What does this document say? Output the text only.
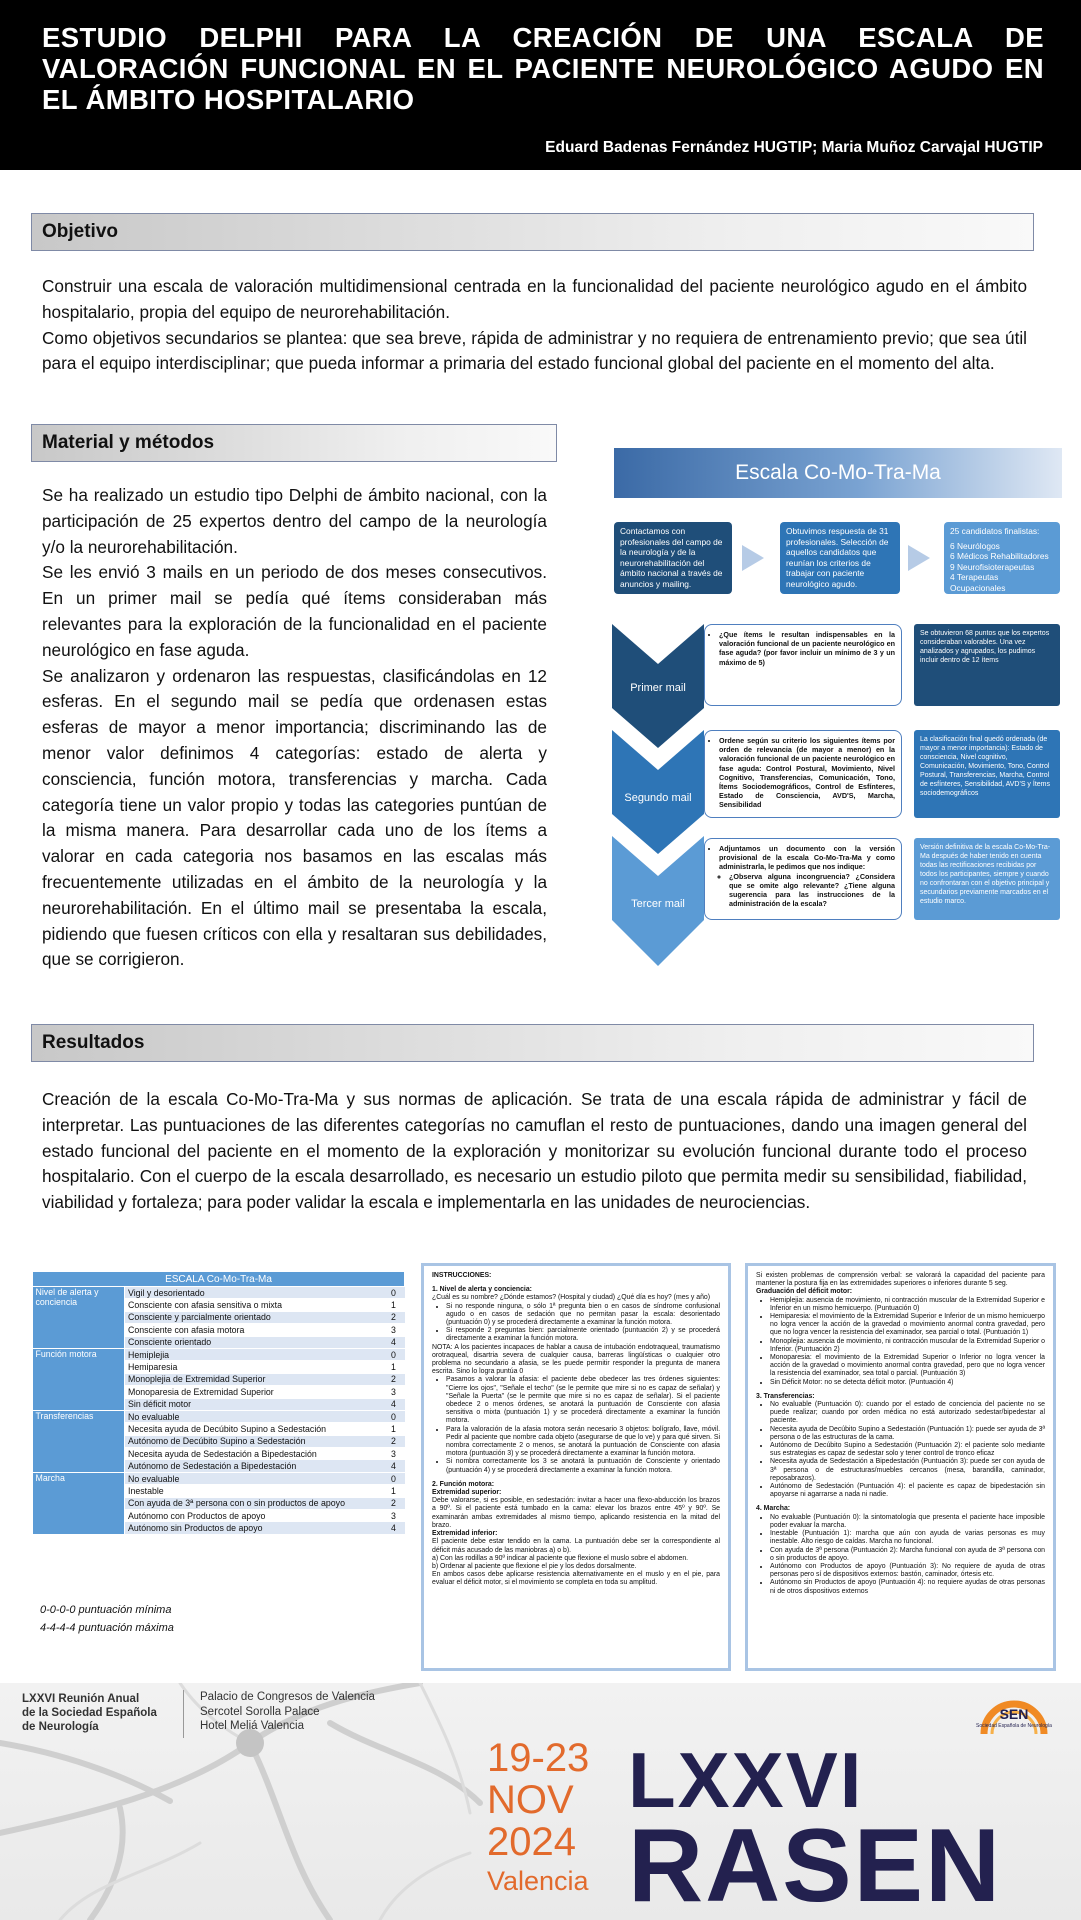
ESTUDIO DELPHI PARA LA CREACIÓN DE UNA ESCALA DE VALORACIÓN FUNCIONAL EN EL PACIENTE NEUROLÓGICO AGUDO EN EL ÁMBITO HOSPITALARIO
Eduard Badenas Fernández HUGTIP; Maria Muñoz Carvajal HUGTIP
Objetivo

Construir una escala de valoración multidimensional centrada en la funcionalidad del paciente neurológico agudo en el ámbito hospitalario, propia del equipo de neurorehabilitación.

Como objetivos secundarios se plantea: que sea breve, rápida de administrar y no requiera de entrenamiento previo; que sea útil para el equipo interdisciplinar; que pueda informar a primaria del estado funcional global del paciente en el momento del alta.

Material y métodos

Se ha realizado un estudio tipo Delphi de ámbito nacional, con la participación de 25 expertos dentro del campo de la neurología y/o la neurorehabilitación.

Se les envió 3 mails en un periodo de dos meses consecutivos. En un primer mail se pedía qué ítems consideraban más relevantes para la exploración de la funcionalidad en el paciente neurológico en fase aguda.

Se analizaron y ordenaron las respuestas, clasificándolas en 12 esferas. En el segundo mail se pedía que ordenasen estas esferas de mayor a menor importancia; discriminando las de menor valor definimos 4 categorías: estado de alerta y consciencia, función motora, transferencias y marcha. Cada categoría tiene un valor propio y todas las categories puntúan de la misma manera. Para desarrollar cada uno de los ítems a valorar en cada categoria nos basamos en las escalas más frecuentemente utilizadas en el ámbito de la neurología y la neurorehabilitación. En el último mail se presentaba la escala, pidiendo que fuesen críticos con ella y resaltaran sus debilidades, que se corrigieron.

Escala Co-Mo-Tra-Ma
Contactamos con profesionales del campo de la neurología y de la neurorehabilitación del ámbito nacional a través de anuncios y mailing.
Obtuvimos respuesta de 31 profesionales. Selección de aquellos candidatos que reunían los criterios de trabajar con paciente neurológico agudo.
25 candidatos finalistas:
6 Neurólogos
6 Médicos Rehabilitadores
9 Neurofisioterapeutas
4 Terapeutas Ocupacionales
Primer mail
• ¿Que ítems le resultan indispensables en la valoración funcional de un paciente neurológico en fase aguda? (por favor incluir un mínimo de 3 y un máximo de 5)
Se obtuvieron 68 puntos que los expertos consideraban valorables. Una vez analizados y agrupados, los pudimos incluir dentro de 12 ítems
Segundo mail
• Ordene según su criterio los siguientes ítems por orden de relevancia (de mayor a menor) en la valoración funcional de un paciente neurológico en fase aguda: Control Postural, Movimiento, Nivel Cognitivo, Transferencias, Comunicación, Tono, Ítems Sociodemográficos, Control de Esfínteres, Estado de Consciencia, AVD'S, Marcha, Sensibilidad
La clasificación final quedó ordenada (de mayor a menor importancia): Estado de consciencia, Nivel cognitivo, Comunicación, Movimiento, Tono, Control Postural, Transferencias, Marcha, Control de esfínteres, Sensibilidad, AVD'S y Ítems sociodemográficos
Tercer mail
• Adjuntamos un documento con la versión provisional de la escala Co-Mo-Tra-Ma y como administrarla, le pedimos que nos indique:
◦ ¿Observa alguna incongruencia? ¿Considera que se omite algo relevante? ¿Tiene alguna sugerencia para las instrucciones de la administración de la escala?
Versión definitiva de la escala Co-Mo-Tra-Ma después de haber tenido en cuenta todas las rectificaciones recibidas por todos los participantes, siempre y cuando no confrontaran con el objetivo principal y secundarios previamente marcados en el estudio marco.
Resultados

Creación de la escala Co-Mo-Tra-Ma y sus normas de aplicación. Se trata de una escala rápida de administrar y fácil de interpretar. Las puntuaciones de las diferentes categorías no camuflan el resto de puntuaciones, dando una imagen general del estado funcional del paciente en el momento de la exploración y monitorizar su evolución funcional durante todo el proceso hospitalario. Con el cuerpo de la escala desarrollado, es necesario un estudio piloto que permita medir su sensibilidad, fiabilidad, viabilidad y fortaleza; para poder validar la escala e implementarla en las unidades de neurociencias.

ESCALA Co-Mo-Tra-Ma		
Nivel de alerta y conciencia	Vigil y desorientado	0
	Consciente con afasia sensitiva o mixta	1
	Consciente y parcialmente orientado	2
	Consciente con afasia motora	3
	Consciente orientado	4
Función motora	Hemiplejia	0
	Hemiparesia	1
	Monoplejia de Extremidad Superior	2
	Monoparesia de Extremidad Superior	3
	Sin déficit motor	4
Transferencias	No evaluable	0
	Necesita ayuda de Decúbito Supino a Sedestación	1
	Autónomo de Decúbito Supino a Sedestación	2
	Necesita ayuda de Sedestación a Bipedestación	3
	Autónomo de Sedestación a Bipedestación	4
Marcha	No evaluable	0
	Inestable	1
	Con ayuda de 3ª persona con o sin productos de apoyo	2
	Autónomo con Productos de apoyo	3
	Autónomo sin Productos de apoyo	4
0-0-0-0 puntuación mínima
4-4-4-4 puntuación máxima

INSTRUCCIONES:

1. Nivel de alerta y conciencia:

¿Cuál es su nombre? ¿Dónde estamos? (Hospital y ciudad) ¿Qué día es hoy? (mes y año)

• Si no responde ninguna, o sólo 1ª pregunta bien o en casos de síndrome confusional agudo o en casos de sedación que no permitan pasar la escala: desorientado (puntuación 0) y se procederá directamente a examinar la función motora.
• Si responde 2 preguntas bien: parcialmente orientado (puntuación 2) y se procederá directamente a examinar la función motora.

NOTA: A los pacientes incapaces de hablar a causa de intubación endotraqueal, traumatismo orotraqueal, disartria severa de cualquier causa, barreras lingüísticas o cualquier otro problema no secundario a afasia, se les puede permitir responder la pregunta de manera escrita. Sino lo logra puntúa 0

• Pasamos a valorar la afasia: el paciente debe obedecer las tres órdenes siguientes: "Cierre los ojos", "Señale el techo" (se le permite que mire si no es capaz de señalar) y "Señale la Puerta" (se le permite que mire si no es capaz de señalar). Si el paciente obedece 2 o menos órdenes, se anotará la puntuación de Consciente con afasia sensitiva o mixta (puntuación 1) y se procederá directamente a examinar la función motora.
• Para la valoración de la afasia motora serán necesario 3 objetos: bolígrafo, llave, móvil. Pedir al paciente que nombre cada objeto (asegurarse de que lo ve) y para qué sirven. Si nombra correctamente 2 o menos, se anotará la puntuación de Consciente con afasia motora (puntuación 3) y se procederá directamente a examinar la función motora.
• Si nombra correctamente los 3 se anotará la puntuación de Consciente y orientado (puntuación 4) y se procederá directamente a examinar la función motora.

2. Función motora:

Extremidad superior:

Debe valorarse, si es posible, en sedestación: invitar a hacer una flexo-abducción los brazos a 90º. Si el paciente está tumbado en la cama: elevar los brazos entre 45º y 90º. Se examinarán ambas extremidades al mismo tiempo, aplicando resistencia en la mitad del brazo.

Extremidad inferior:

El paciente debe estar tendido en la cama. La puntuación debe ser la correspondiente al déficit más acusado de las maniobras a) o b).

a) Con las rodillas a 90º indicar al paciente que flexione el muslo sobre el abdomen.

b) Ordenar al paciente que flexione el pie y los dedos dorsalmente.

En ambos casos debe aplicarse resistencia alternativamente en el muslo y en el pie, para evaluar el déficit motor, si el movimiento se completa en toda su amplitud.

Si existen problemas de comprensión verbal: se valorará la capacidad del paciente para mantener la postura fija en las extremidades superiores o inferiores durante 5 seg.

Graduación del déficit motor:

• Hemiplejia: ausencia de movimiento, ni contracción muscular de la Extremidad Superior e Inferior en un mismo hemicuerpo. (Puntuación 0)
• Hemiparesia: el movimiento de la Extremidad Superior e Inferior de un mismo hemicuerpo no logra vencer la acción de la gravedad o movimiento anormal contra gravedad, pero que no logra vencer la resistencia del examinador, sea parcial o total. (Puntuación 1)
• Monoplejia: ausencia de movimiento, ni contracción muscular de la Extremidad Superior o Inferior. (Puntuación 2)
• Monoparesia: el movimiento de la Extremidad Superior o Inferior no logra vencer la acción de la gravedad o movimiento anormal contra gravedad, pero que no logra vencer la resistencia del examinador, sea total o parcial. (Puntuación 3)
• Sin Déficit Motor: no se detecta déficit motor. (Puntuación 4)

3. Transferencias:

• No evaluable (Puntuación 0): cuando por el estado de conciencia del paciente no se puede realizar; cuando por orden médica no está autorizado sedestar/bipedestar al paciente.
• Necesita ayuda de Decúbito Supino a Sedestación (Puntuación 1): puede ser ayuda de 3ª persona o de las estructuras de la cama.
• Autónomo de Decúbito Supino a Sedestación (Puntuación 2): el paciente solo mediante sus estrategias es capaz de sedestar solo y tener control de tronco eficaz
• Necesita ayuda de Sedestación a Bipedestación (Puntuación 3): puede ser con ayuda de 3ª persona o de estructuras/muebles cercanos (mesa, barandilla, caminador, reposabrazos).
• Autónomo de Sedestación (Puntuación 4): el paciente es capaz de bipedestación sin apoyarse ni agarrarse a nada ni nadie.

4. Marcha:

• No evaluable (Puntuación 0): la sintomatología que presenta el paciente hace imposible poder evaluar la marcha.
• Inestable (Puntuación 1): marcha que aún con ayuda de varias personas es muy inestable. Alto riesgo de caídas. Marcha no funcional.
• Con ayuda de 3ª persona (Puntuación 2): Marcha funcional con ayuda de 3ª persona con o sin productos de apoyo.
• Autónomo con Productos de apoyo (Puntuación 3): No requiere de ayuda de otras personas pero sí de dispositivos externos: bastón, caminador, órtesis etc.
• Autónomo sin Productos de apoyo (Puntuación 4): no requiere ayudas de otras personas ni de otros dispositivos externos
LXXVI Reunión Anual
de la Sociedad Española
de Neurología
Palacio de Congresos de Valencia
Sercotel Sorolla Palace
Hotel Meliá Valencia
19-23
NOV
2024
Valencia
LXXVI
RASEN
SEN
Sociedad Española de Neurología
